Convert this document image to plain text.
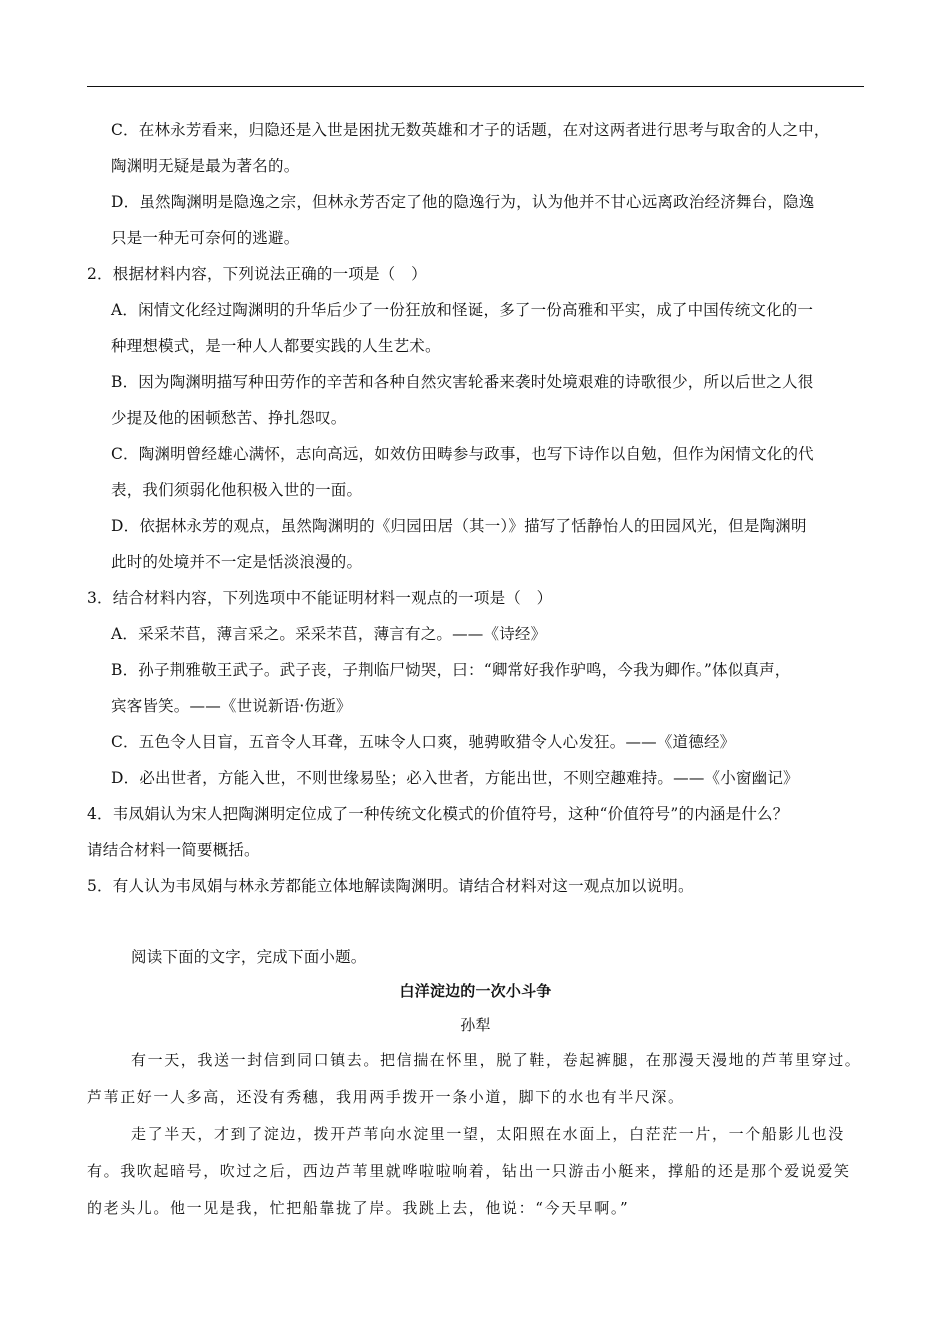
C．在林永芳看来，归隐还是入世是困扰无数英雄和才子的话题，在对这两者进行思考与取舍的人之中，

陶渊明无疑是最为著名的。

D．虽然陶渊明是隐逸之宗，但林永芳否定了他的隐逸行为，认为他并不甘心远离政治经济舞台，隐逸

只是一种无可奈何的逃避。

2．根据材料内容，下列说法正确的一项是（　）

A．闲情文化经过陶渊明的升华后少了一份狂放和怪诞，多了一份高雅和平实，成了中国传统文化的一

种理想模式，是一种人人都要实践的人生艺术。

B．因为陶渊明描写种田劳作的辛苦和各种自然灾害轮番来袭时处境艰难的诗歌很少，所以后世之人很

少提及他的困顿愁苦、挣扎怨叹。

C．陶渊明曾经雄心满怀，志向高远，如效仿田畴参与政事，也写下诗作以自勉，但作为闲情文化的代

表，我们须弱化他积极入世的一面。

D．依据林永芳的观点，虽然陶渊明的《归园田居（其一）》描写了恬静怡人的田园风光，但是陶渊明

此时的处境并不一定是恬淡浪漫的。

3．结合材料内容，下列选项中不能证明材料一观点的一项是（　）

A．采采芣苢，薄言采之。采采芣苢，薄言有之。——《诗经》

B．孙子荆雅敬王武子。武子丧，子荆临尸恸哭，曰：“卿常好我作驴鸣，今我为卿作。”体似真声，

宾客皆笑。——《世说新语·伤逝》

C．五色令人目盲，五音令人耳聋，五味令人口爽，驰骋畋猎令人心发狂。——《道德经》

D．必出世者，方能入世，不则世缘易坠；必入世者，方能出世，不则空趣难持。——《小窗幽记》

4．韦凤娟认为宋人把陶渊明定位成了一种传统文化模式的价值符号，这种“价值符号”的内涵是什么？

请结合材料一简要概括。

5．有人认为韦凤娟与林永芳都能立体地解读陶渊明。请结合材料对这一观点加以说明。

阅读下面的文字，完成下面小题。

白洋淀边的一次小斗争

孙犁

有一天，我送一封信到同口镇去。把信揣在怀里，脱了鞋，卷起裤腿，在那漫天漫地的芦苇里穿过。

芦苇正好一人多高，还没有秀穗，我用两手拨开一条小道，脚下的水也有半尺深。

走了半天，才到了淀边，拨开芦苇向水淀里一望，太阳照在水面上，白茫茫一片，一个船影儿也没

有。我吹起暗号，吹过之后，西边芦苇里就哗啦啦响着，钻出一只游击小艇来，撑船的还是那个爱说爱笑

的老头儿。他一见是我，忙把船靠拢了岸。我跳上去，他说：“今天早啊。”
